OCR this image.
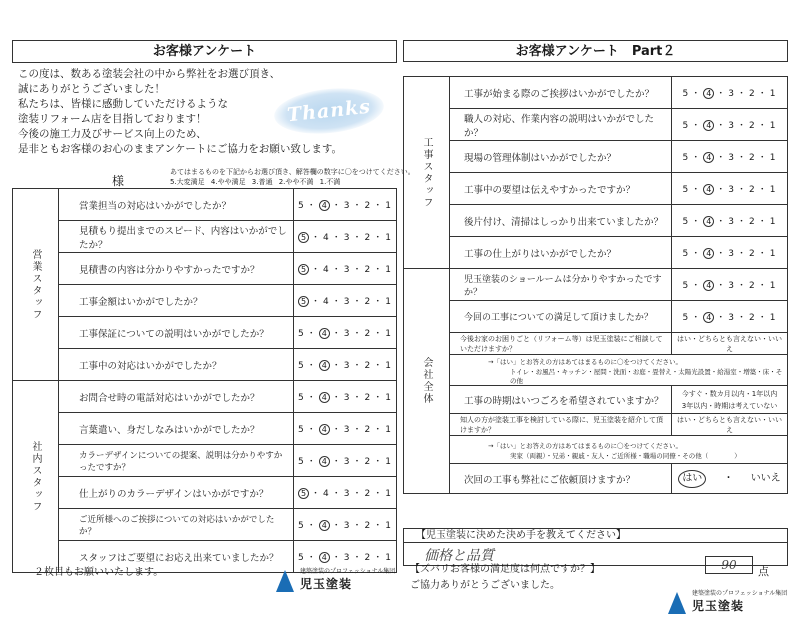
お客様アンケート
この度は、数ある塗装会社の中から弊社をお選び頂き、
誠にありがとうございました！
私たちは、皆様に感動していただけるような
塗装リフォーム店を目指しております！
今後の施工力及びサービス向上のため、
是非ともお客様のお心のままアンケートにご協力をお願い致します。
Thanks
様
あてはまるものを下記からお選び頂き、解答欄の数字に〇をつけてください。
5.大変満足 4.やや満足 3.普通 2.やや不満 1.不満
営業スタッフ	営業担当の対応はいかがでしたか？	5 ・ 4 ・ 3 ・ 2 ・ 1
	見積もり提出までのスピード、内容はいかがでしたか？	5 ・ 4 ・ 3 ・ 2 ・ 1
	見積書の内容は分かりやすかったですか？	5 ・ 4 ・ 3 ・ 2 ・ 1
	工事金額はいかがでしたか？	5 ・ 4 ・ 3 ・ 2 ・ 1
	工事保証についての説明はいかがでしたか？	5 ・ 4 ・ 3 ・ 2 ・ 1
	工事中の対応はいかがでしたか？	5 ・ 4 ・ 3 ・ 2 ・ 1
社内スタッフ	お問合せ時の電話対応はいかがでしたか？	5 ・ 4 ・ 3 ・ 2 ・ 1
	言葉遣い、身だしなみはいかがでしたか？	5 ・ 4 ・ 3 ・ 2 ・ 1
	カラーデザインについての提案、説明は分かりやすかったですか？	5 ・ 4 ・ 3 ・ 2 ・ 1
	仕上がりのカラーデザインはいかがですか？	5 ・ 4 ・ 3 ・ 2 ・ 1
	ご近所様へのご挨拶についての対応はいかがでしたか？	5 ・ 4 ・ 3 ・ 2 ・ 1
	スタッフはご要望にお応え出来ていましたか？	5 ・ 4 ・ 3 ・ 2 ・ 1
２枚目もお願いいたします。	建築塗装のプロフェッショナル集団
児玉塗装
お客様アンケート　Part２
工事スタッフ	工事が始まる際のご挨拶はいかがでしたか？	5 ・ 4 ・ 3 ・ 2 ・ 1
	職人の対応、作業内容の説明はいかがでしたか？	5 ・ 4 ・ 3 ・ 2 ・ 1
	現場の管理体制はいかがでしたか？	5 ・ 4 ・ 3 ・ 2 ・ 1
	工事中の要望は伝えやすかったですか？	5 ・ 4 ・ 3 ・ 2 ・ 1
	後片付け、清掃はしっかり出来ていましたか？	5 ・ 4 ・ 3 ・ 2 ・ 1
	工事の仕上がりはいかがでしたか？	5 ・ 4 ・ 3 ・ 2 ・ 1
会社全体	児玉塗装のショールームは分かりやすかったですか？	5 ・ 4 ・ 3 ・ 2 ・ 1
	今回の工事についての満足して頂けましたか？	5 ・ 4 ・ 3 ・ 2 ・ 1
	今後お家のお困りごと（リフォーム等）は児玉塗装にご相談していただけますか？	はい・どちらとも言えない・いいえ

	→「はい」とお答えの方はあてはまるものに〇をつけてください。
トイレ・お風呂・キッチン・屋問・洗面・お庭・畳替え・太陽光設置・給湯室・増築・床・その他	

	工事の時期はいつごろを希望されていますか？	今すぐ・数カ月以内・1年以内
3年以内・時期は考えていない

	知人の方が塗装工事を検討している際に、児玉塗装を紹介して頂けますか？	はい・どちらとも言えない・いいえ

	→「はい」とお答えの方はあてはまるものに〇をつけてください。
実家（両親）・兄弟・親戚・友人・ご近所様・職場の同僚・その他（　　　　）	

	次回の工事も弊社にご依頼頂けますか？	はい ・ いいえ
【児玉塗装に決めた決め手を教えてください】
価格と品質
【ズバリお客様の満足度は何点ですか？】
ご協力ありがとうございました。
90	点
建築塗装のプロフェッショナル集団
児玉塗装
